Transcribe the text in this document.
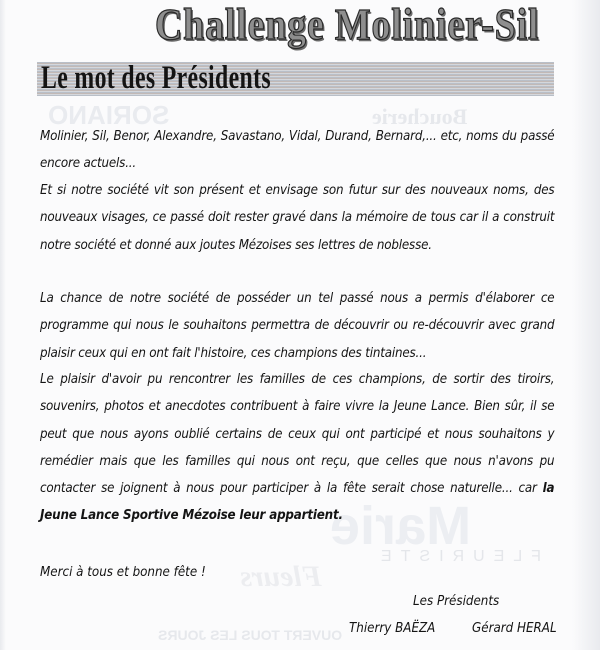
SORIANO	Boucherie
Marie
FLEURISTE
Fleurs
OUVERT TOUS LES JOURS
Challenge Molinier-Sil
Le mot des Présidents

Molinier, Sil, Benor, Alexandre, Savastano, Vidal, Durand, Bernard,... etc, noms du passé encore actuels...

Et si notre société vit son présent et envisage son futur sur des nouveaux noms, des nouveaux visages, ce passé doit rester gravé dans la mémoire de tous car il a construit notre société et donné aux joutes Mézoises ses lettres de noblesse.

La chance de notre société de posséder un tel passé nous a permis d'élaborer ce programme qui nous le souhaitons permettra de découvrir ou re-découvrir avec grand plaisir ceux qui en ont fait l'histoire, ces champions des tintaines...

Le plaisir d'avoir pu rencontrer les familles de ces champions, de sortir des tiroirs, souvenirs, photos et anecdotes contribuent à faire vivre la Jeune Lance. Bien sûr, il se peut que nous ayons oublié certains de ceux qui ont participé et nous souhaitons y remédier mais que les familles qui nous ont reçu, que celles que nous n'avons pu contacter se joignent à nous pour participer à la fête serait chose naturelle... car la Jeune Lance Sportive Mézoise leur appartient.

Merci à tous et bonne fête !
Les Présidents
Thierry BAËZA	Gérard HERAL
